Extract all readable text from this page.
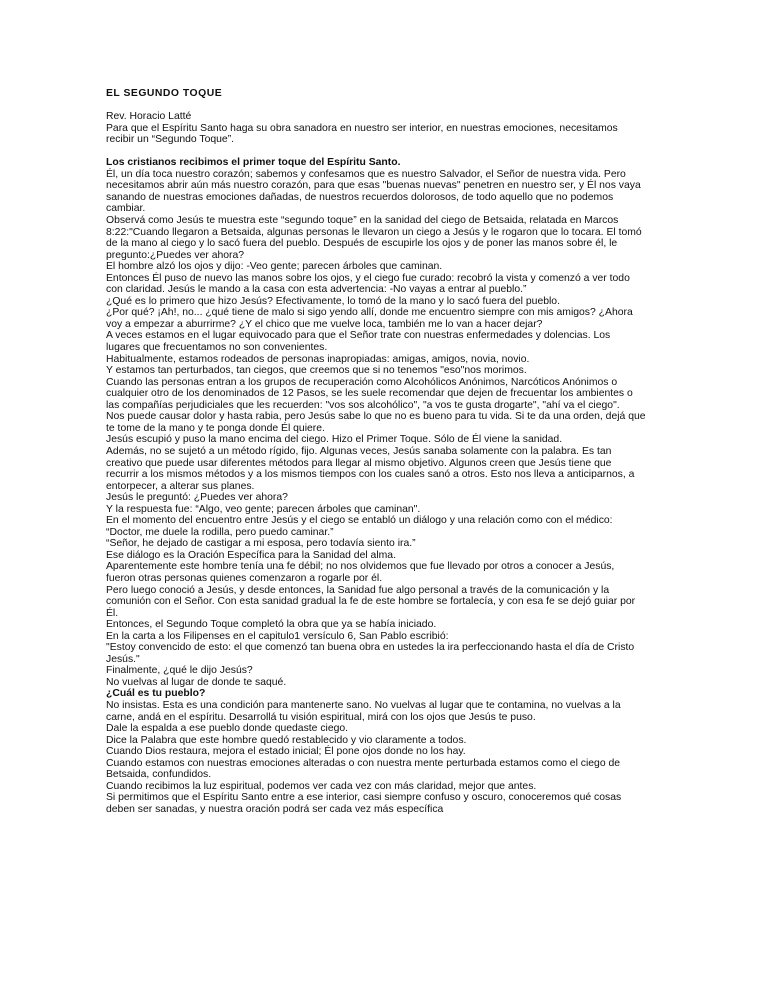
EL SEGUNDO TOQUE
Rev. Horacio Latté
Para que el Espíritu Santo haga su obra sanadora en nuestro ser interior, en nuestras emociones, necesitamos
recibir un “Segundo Toque”.
Los cristianos recibimos el primer toque del Espíritu Santo.
Él, un día toca nuestro corazón; sabemos y confesamos que es nuestro Salvador, el Señor de nuestra vida. Pero
necesitamos abrir aún más nuestro corazón, para que esas "buenas nuevas" penetren en nuestro ser, y Él nos vaya
sanando de nuestras emociones dañadas, de nuestros recuerdos dolorosos, de todo aquello que no podemos
cambiar.
Observá como Jesús te muestra este “segundo toque” en la sanidad del ciego de Betsaida, relatada en Marcos
8:22:"Cuando llegaron a Betsaida, algunas personas le llevaron un ciego a Jesús y le rogaron que lo tocara. El tomó
de la mano al ciego y lo sacó fuera del pueblo. Después de escupirle los ojos y de poner las manos sobre él, le
pregunto:¿Puedes ver ahora?
El hombre alzó los ojos y dijo: -Veo gente; parecen árboles que caminan.
Entonces Él puso de nuevo las manos sobre los ojos, y el ciego fue curado: recobró la vista y comenzó a ver todo
con claridad. Jesús le mando a la casa con esta advertencia: -No vayas a entrar al pueblo.”
¿Qué es lo primero que hizo Jesús? Efectivamente, lo tomó de la mano y lo sacó fuera del pueblo.
¿Por qué? ¡Ah!, no... ¿qué tiene de malo si sigo yendo allí, donde me encuentro siempre con mis amigos? ¿Ahora
voy a empezar a aburrirme? ¿Y el chico que me vuelve loca, también me lo van a hacer dejar?
A veces estamos en el lugar equivocado para que el Señor trate con nuestras enfermedades y dolencias. Los
lugares que frecuentamos no son convenientes.
Habitualmente, estamos rodeados de personas inapropiadas: amigas, amigos, novia, novio.
Y estamos tan perturbados, tan ciegos, que creemos que si no tenemos "eso"nos morimos.
Cuando las personas entran a los grupos de recuperación como Alcohólicos Anónimos, Narcóticos Anónimos o
cualquier otro de los denominados de 12 Pasos, se les suele recomendar que dejen de frecuentar los ambientes o
las compañías perjudiciales que les recuerden: "vos sos alcohólico", "a vos te gusta drogarte", "ahí va el ciego".
Nos puede causar dolor y hasta rabia, pero Jesús sabe lo que no es bueno para tu vida. Si te da una orden, dejá que
te tome de la mano y te ponga donde Él quiere.
Jesús escupió y puso la mano encima del ciego. Hizo el Primer Toque. Sólo de Él viene la sanidad.
Además, no se sujetó a un método rígido, fijo. Algunas veces, Jesús sanaba solamente con la palabra. Es tan
creativo que puede usar diferentes métodos para llegar al mismo objetivo. Algunos creen que Jesús tiene que
recurrir a los mismos métodos y a los mismos tiempos con los cuales sanó a otros. Esto nos lleva a anticiparnos, a
entorpecer, a alterar sus planes.
Jesús le preguntó: ¿Puedes ver ahora?
Y la respuesta fue: “Algo, veo gente; parecen árboles que caminan".
En el momento del encuentro entre Jesús y el ciego se entabló un diálogo y una relación como con el médico:
“Doctor, me duele la rodilla, pero puedo caminar.”
“Señor, he dejado de castigar a mi esposa, pero todavía siento ira.”
Ese diálogo es la Oración Específica para la Sanidad del alma.
Aparentemente este hombre tenía una fe débil; no nos olvidemos que fue llevado por otros a conocer a Jesús,
fueron otras personas quienes comenzaron a rogarle por él.
Pero luego conoció a Jesús, y desde entonces, la Sanidad fue algo personal a través de la comunicación y la
comunión con el Señor. Con esta sanidad gradual la fe de este hombre se fortalecía, y con esa fe se dejó guiar por
Él.
Entonces, el Segundo Toque completó la obra que ya se había iniciado.
En la carta a los Filipenses en el capitulo1 versículo 6, San Pablo escribió:
"Estoy convencido de esto: el que comenzó tan buena obra en ustedes la ira perfeccionando hasta el día de Cristo
Jesús."
Finalmente, ¿qué le dijo Jesús?
No vuelvas al lugar de donde te saqué.
¿Cuál es tu pueblo?
No insistas. Esta es una condición para mantenerte sano. No vuelvas al lugar que te contamina, no vuelvas a la
carne, andá en el espíritu. Desarrollá tu visión espiritual, mirá con los ojos que Jesús te puso.
Dale la espalda a ese pueblo donde quedaste ciego.
Dice la Palabra que este hombre quedó restablecido y vio claramente a todos.
Cuando Dios restaura, mejora el estado inicial; Él pone ojos donde no los hay.
Cuando estamos con nuestras emociones alteradas o con nuestra mente perturbada estamos como el ciego de
Betsaida, confundidos.
Cuando recibimos la luz espiritual, podemos ver cada vez con más claridad, mejor que antes.
Si permitimos que el Espíritu Santo entre a ese interior, casi siempre confuso y oscuro, conoceremos qué cosas
deben ser sanadas, y nuestra oración podrá ser cada vez más específica
